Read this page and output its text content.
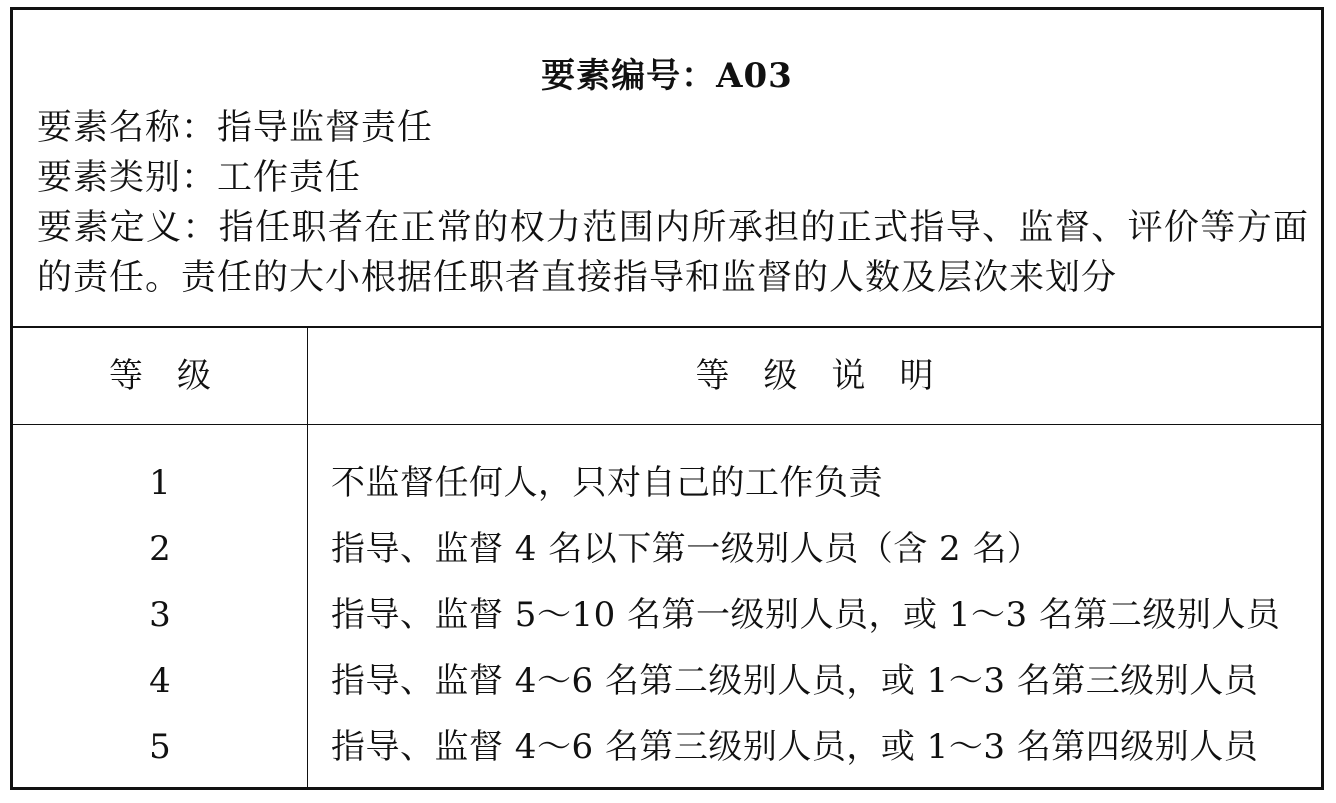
要素编号：A03
要素名称：指导监督责任
要素类别：工作责任
要素定义：指任职者在正常的权力范围内所承担的正式指导、监督、评价等方面的责任。责任的大小根据任职者直接指导和监督的人数及层次来划分
等级	等级说明
1	不监督任何人，只对自己的工作负责
2	指导、监督 4 名以下第一级别人员（含 2 名）
3	指导、监督 5～10 名第一级别人员，或 1～3 名第二级别人员
4	指导、监督 4～6 名第二级别人员，或 1～3 名第三级别人员
5	指导、监督 4～6 名第三级别人员，或 1～3 名第四级别人员
